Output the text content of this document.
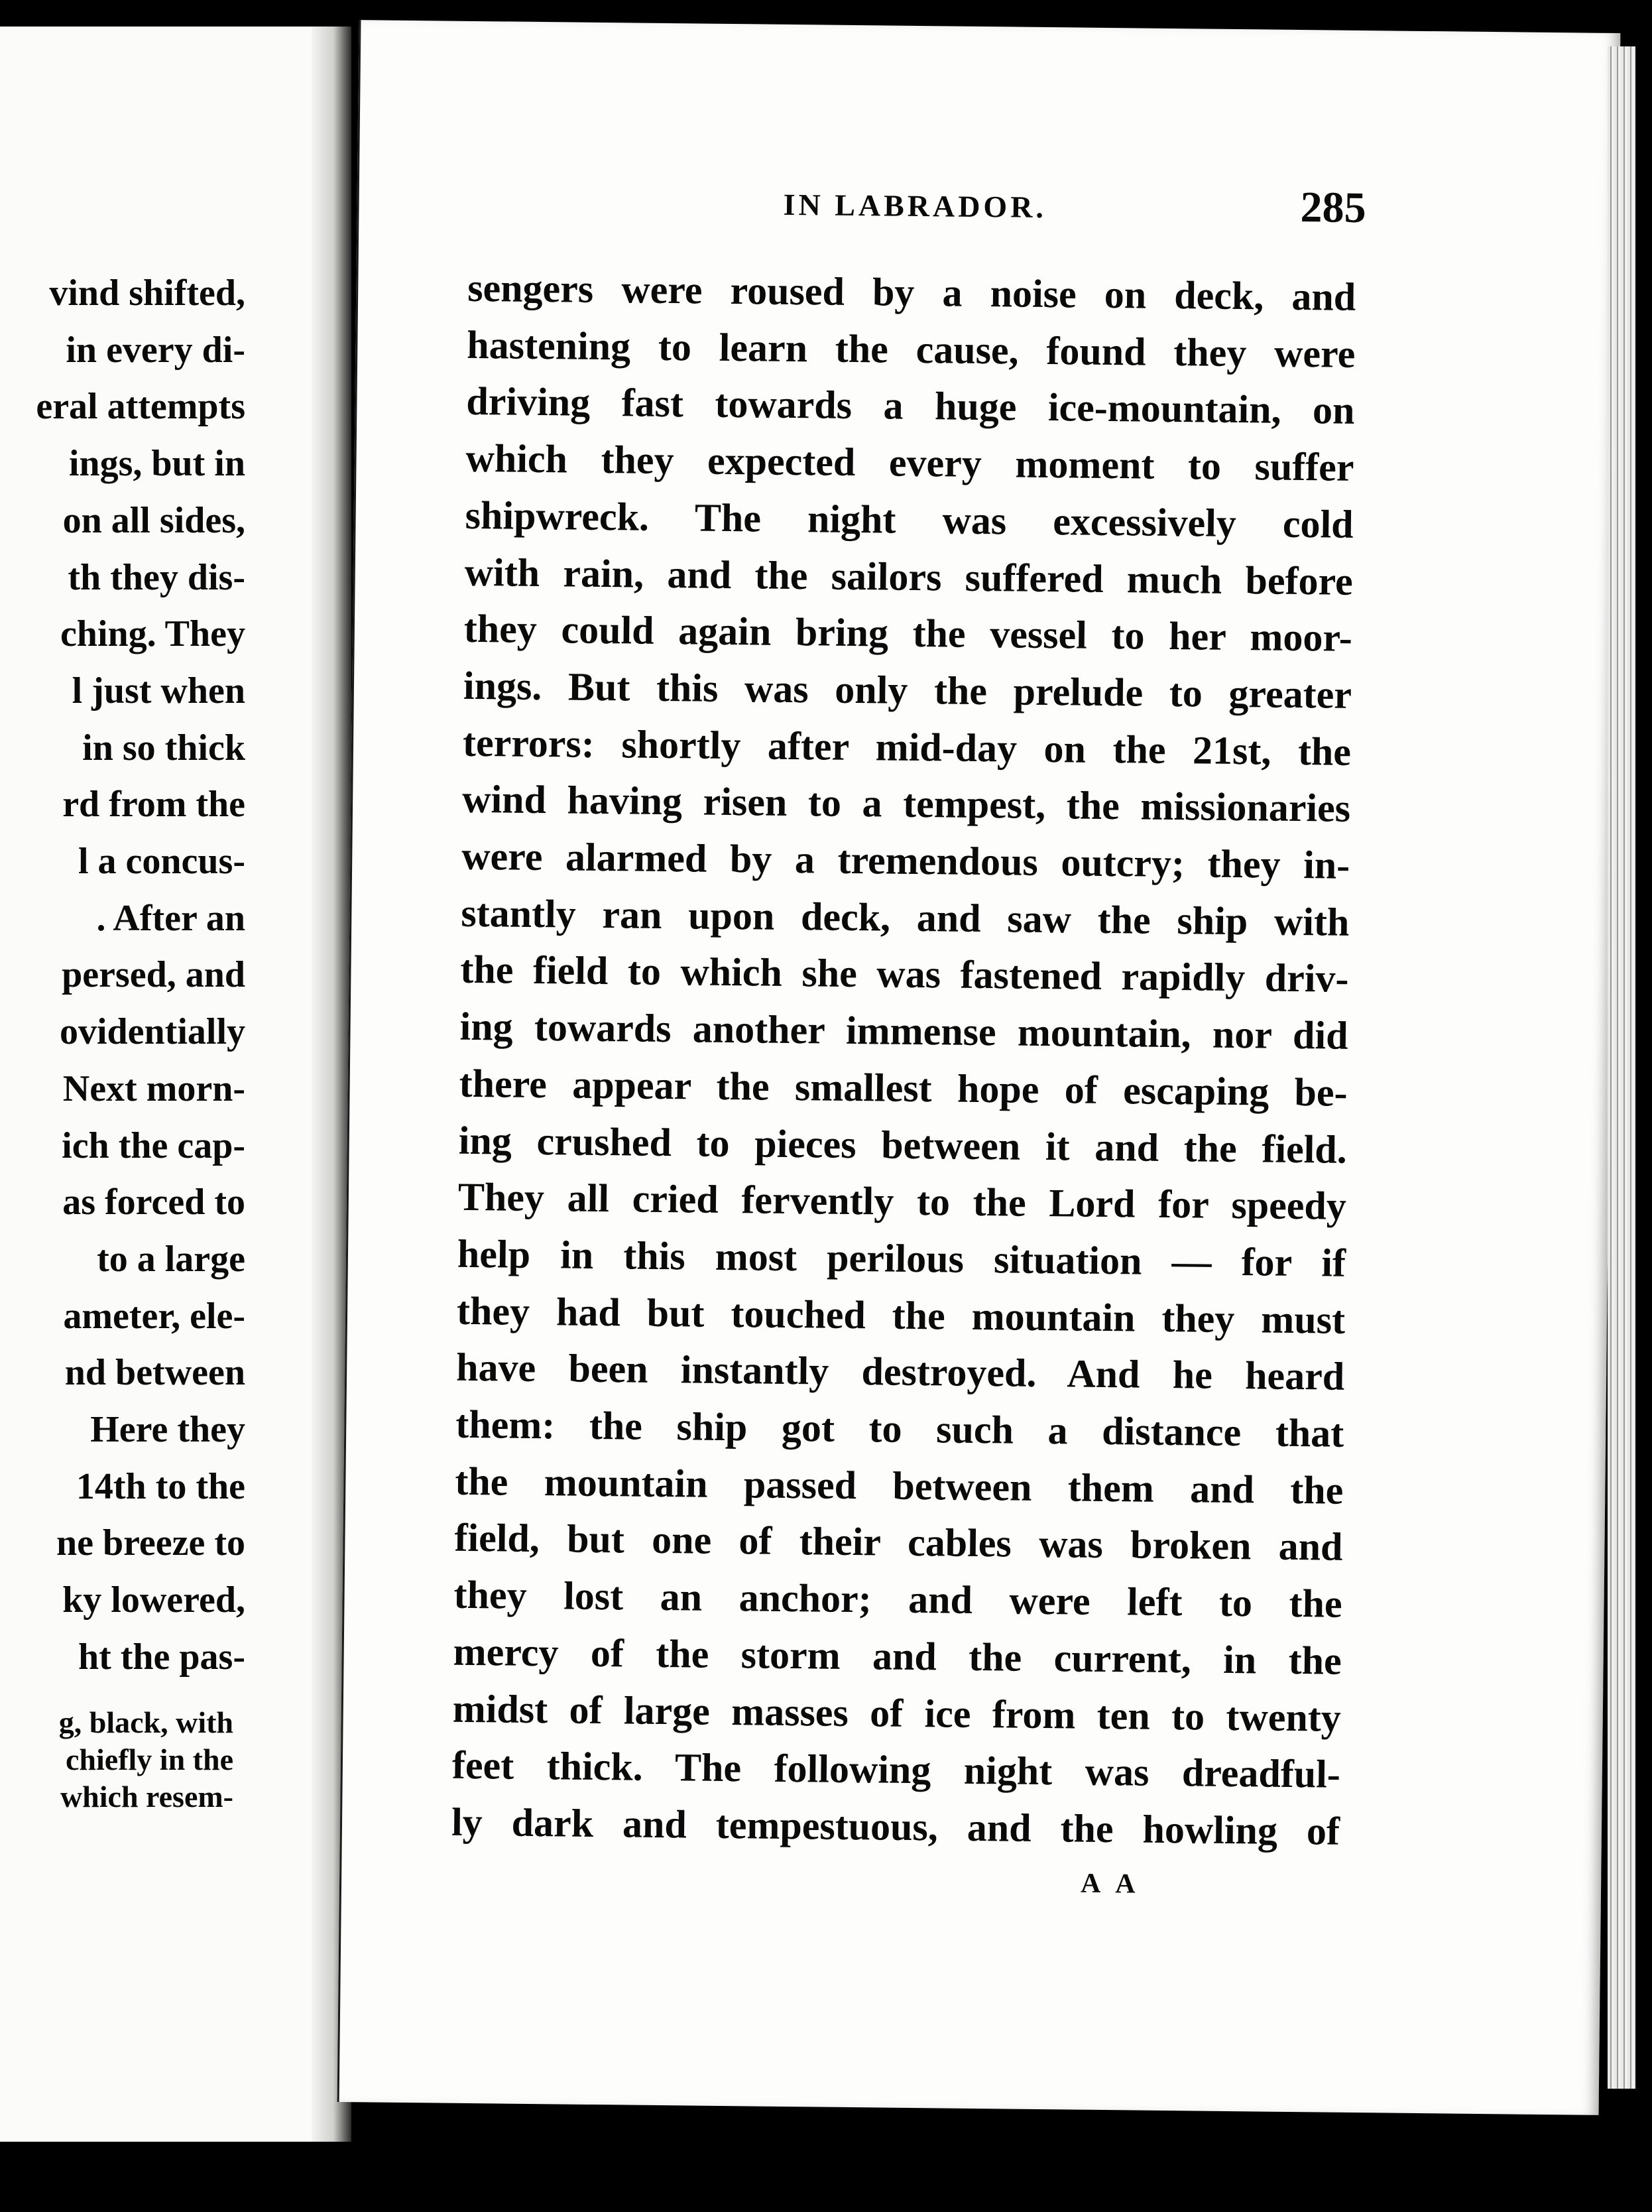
vind shifted,
in every di-
eral attempts
ings, but in
on all sides,
th they dis-
ching. They
l just when
in so thick
rd from the
l a concus-
. After an
persed, and
ovidentially
Next morn-
ich the cap-
as forced to
to a large
ameter, ele-
nd between
Here they
14th to the
ne breeze to
ky lowered,
ht the pas-
g, black, with
chiefly in the
which resem-
IN LABRADOR.	285
sengers were roused by a noise on deck, and
hastening to learn the cause, found they were
driving fast towards a huge ice-mountain, on
which they expected every moment to suffer
shipwreck. The night was excessively cold
with rain, and the sailors suffered much before
they could again bring the vessel to her moor-
ings. But this was only the prelude to greater
terrors: shortly after mid-day on the 21st, the
wind having risen to a tempest, the missionaries
were alarmed by a tremendous outcry; they in-
stantly ran upon deck, and saw the ship with
the field to which she was fastened rapidly driv-
ing towards another immense mountain, nor did
there appear the smallest hope of escaping be-
ing crushed to pieces between it and the field.
They all cried fervently to the Lord for speedy
help in this most perilous situation — for if
they had but touched the mountain they must
have been instantly destroyed. And he heard
them: the ship got to such a distance that
the mountain passed between them and the
field, but one of their cables was broken and
they lost an anchor; and were left to the
mercy of the storm and the current, in the
midst of large masses of ice from ten to twenty
feet thick. The following night was dreadful-
ly dark and tempestuous, and the howling of
A A
